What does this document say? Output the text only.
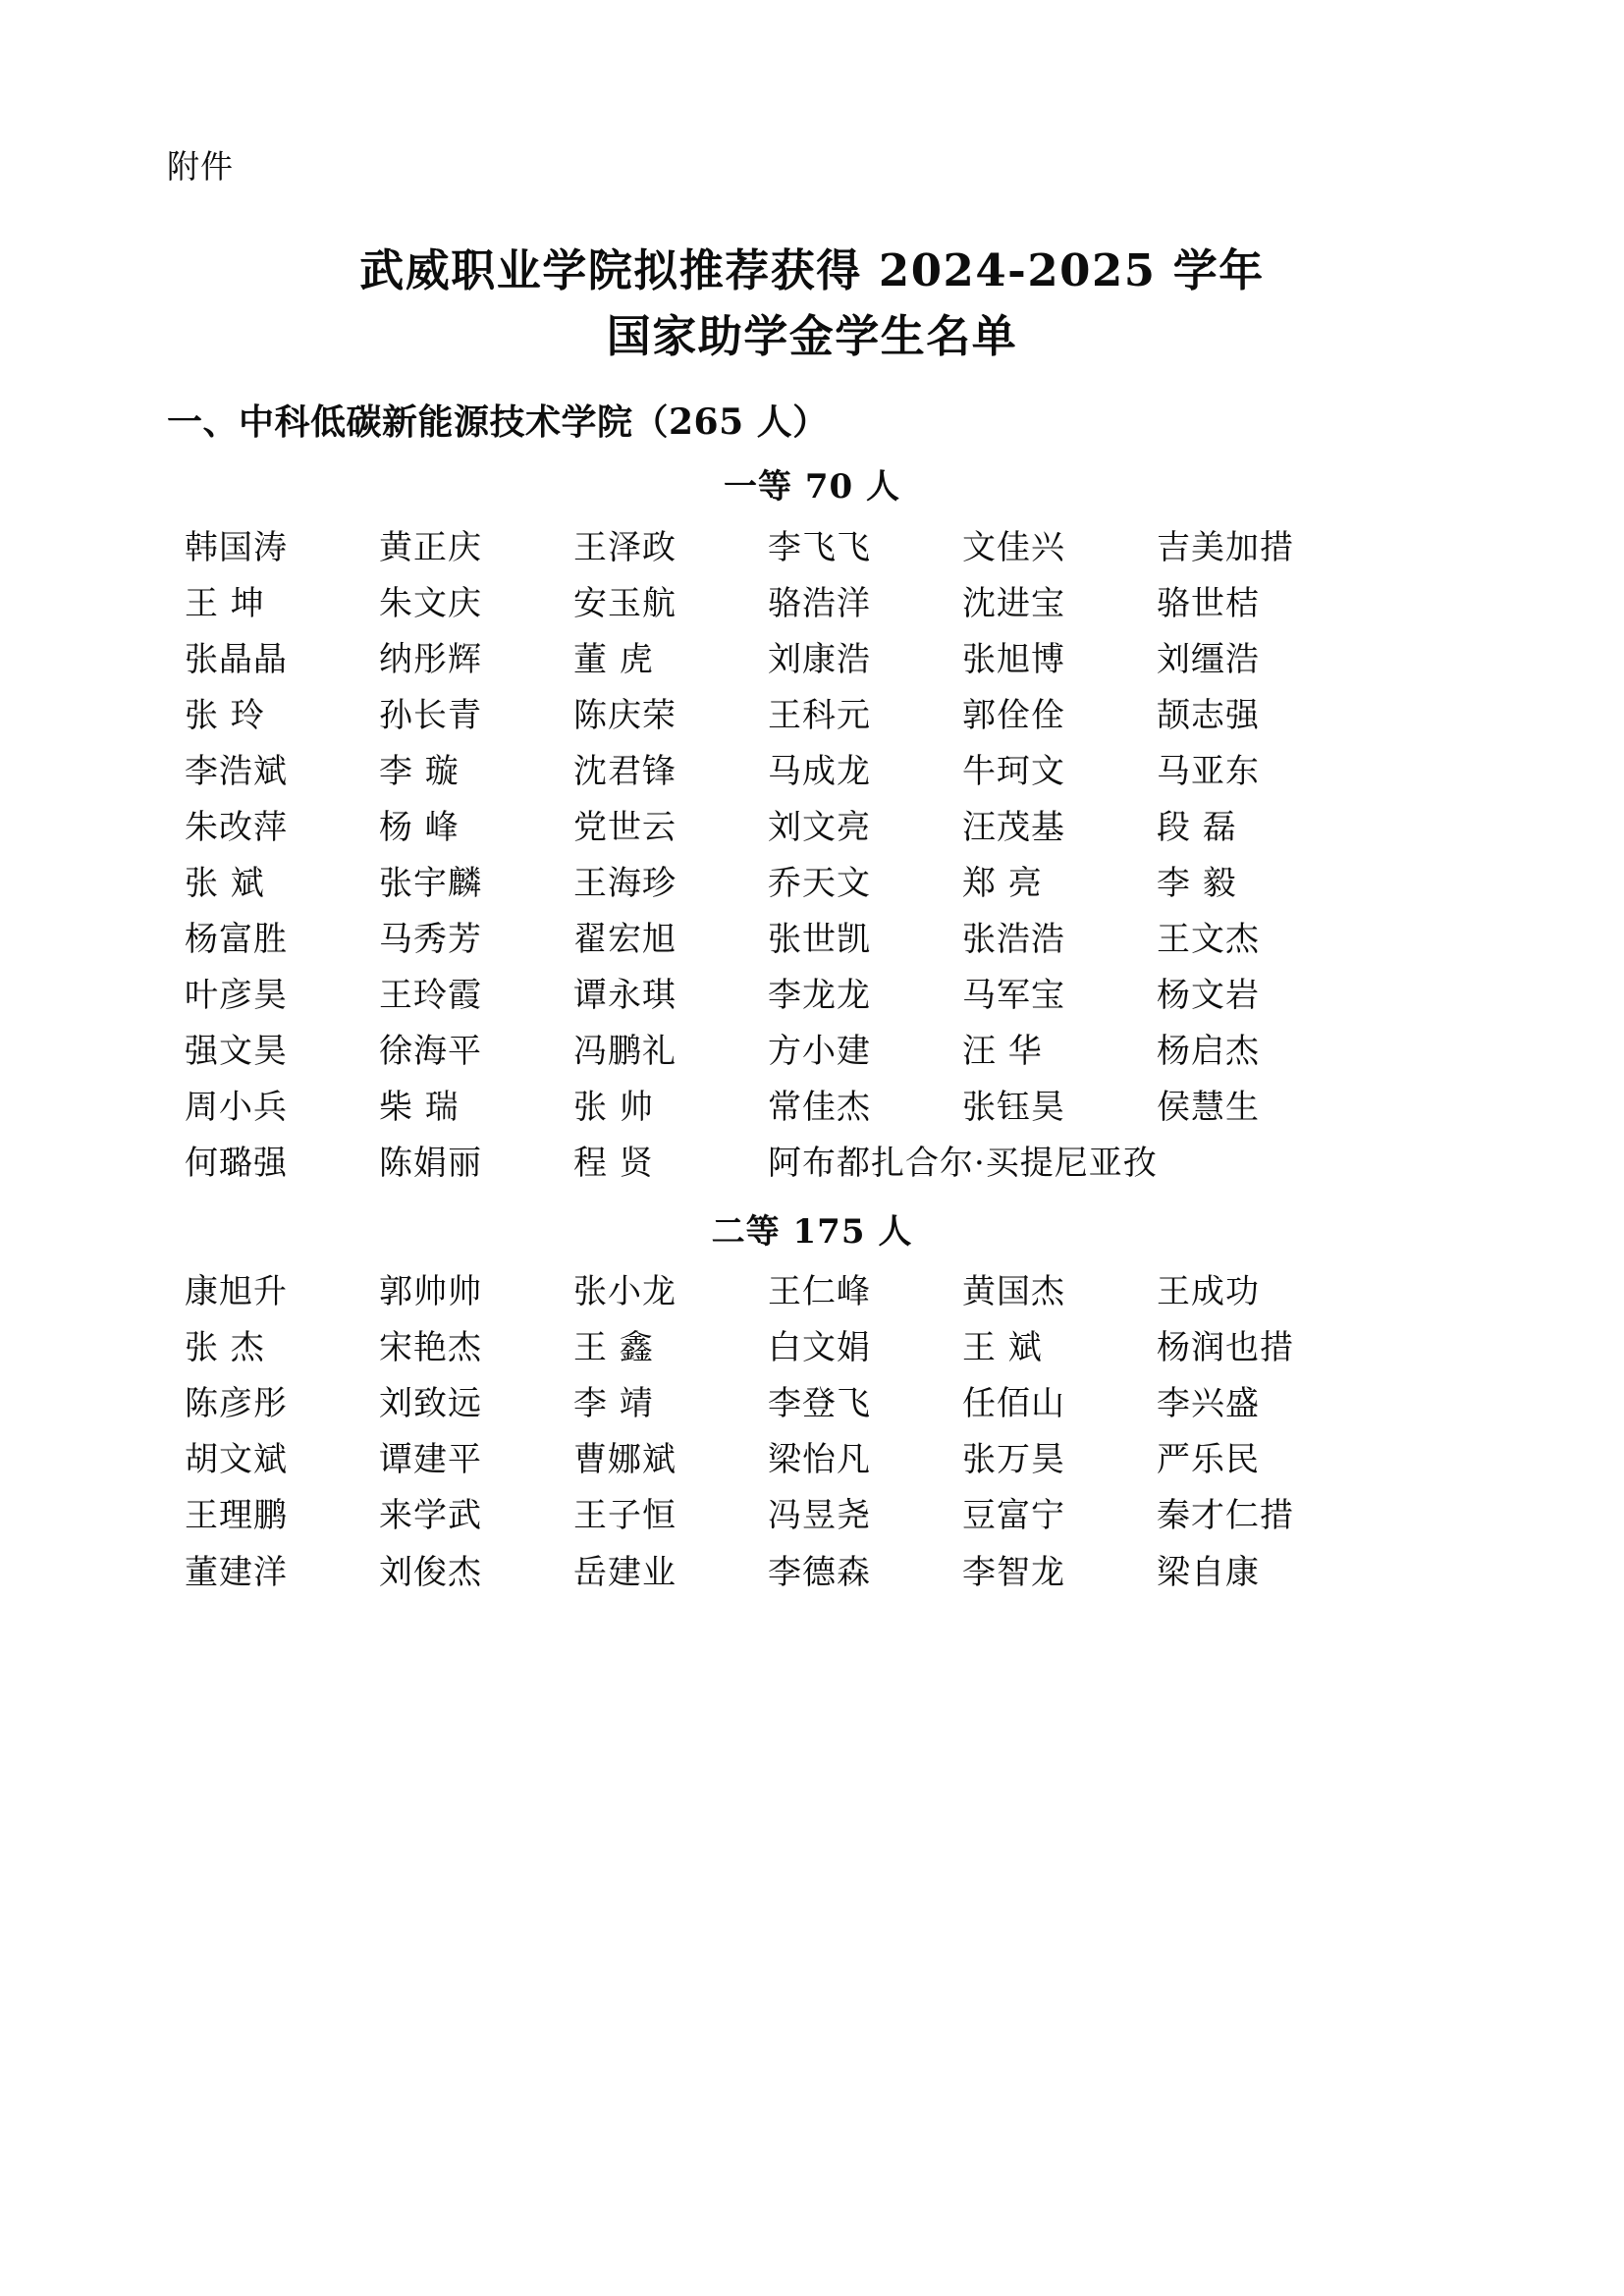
附件
武威职业学院拟推荐获得 2024-2025 学年
国家助学金学生名单
一、中科低碳新能源技术学院（265 人）
一等 70 人
韩国涛	黄正庆	王泽政	李飞飞	文佳兴	吉美加措
王 坤	朱文庆	安玉航	骆浩洋	沈进宝	骆世桔
张晶晶	纳彤辉	董 虎	刘康浩	张旭博	刘缰浩
张 玲	孙长青	陈庆荣	王科元	郭佺佺	颉志强
李浩斌	李 璇	沈君锋	马成龙	牛珂文	马亚东
朱改萍	杨 峰	党世云	刘文亮	汪茂基	段 磊
张 斌	张宇麟	王海珍	乔天文	郑 亮	李 毅
杨富胜	马秀芳	翟宏旭	张世凯	张浩浩	王文杰
叶彦昊	王玲霞	谭永琪	李龙龙	马军宝	杨文岩
强文昊	徐海平	冯鹏礼	方小建	汪 华	杨启杰
周小兵	柴 瑞	张 帅	常佳杰	张钰昊	侯慧生
何璐强	陈娟丽	程 贤	阿布都扎合尔·买提尼亚孜
二等 175 人
康旭升	郭帅帅	张小龙	王仁峰	黄国杰	王成功
张 杰	宋艳杰	王 鑫	白文娟	王 斌	杨润也措
陈彦彤	刘致远	李 靖	李登飞	任佰山	李兴盛
胡文斌	谭建平	曹娜斌	梁怡凡	张万昊	严乐民
王理鹏	来学武	王子恒	冯昱尧	豆富宁	秦才仁措
董建洋	刘俊杰	岳建业	李德森	李智龙	梁自康
